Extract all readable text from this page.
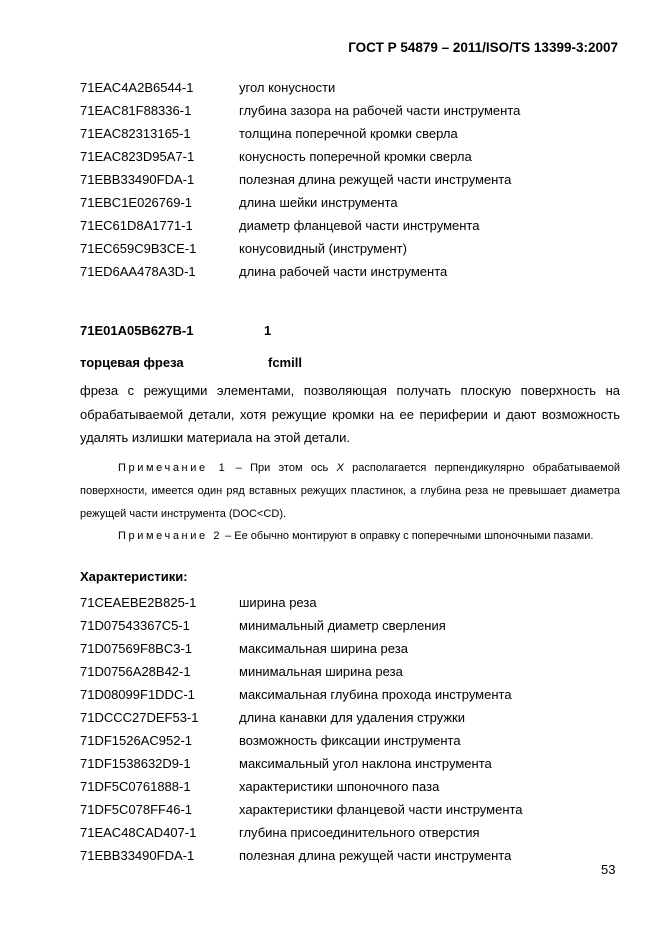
ГОСТ Р 54879 – 2011/ISO/TS 13399-3:2007
71EAC4A2B6544-1	угол конусности
71EAC81F88336-1	глубина зазора на рабочей части инструмента
71EAC82313165-1	толщина поперечной кромки сверла
71EAC823D95A7-1	конусность поперечной кромки сверла
71EBB33490FDA-1	полезная длина режущей части инструмента
71EBC1E026769-1	длина шейки инструмента
71EC61D8A1771-1	диаметр фланцевой части инструмента
71EC659C9B3CE-1	конусовидный (инструмент)
71ED6AA478A3D-1	длина рабочей части инструмента
71E01A05B627B-1	1
торцевая фреза	fcmill

фреза с режущими элементами, позволяющая получать плоскую поверхность на обрабатываемой детали, хотя режущие кромки на ее периферии и дают возможность удалять излишки материала на этой детали.

Примечание 1 – При этом ось X располагается перпендикулярно обрабатываемой поверхности, имеется один ряд вставных режущих пластинок, а глубина реза не превышает диаметра режущей части инструмента (DOC<CD).

Примечание 2 – Ее обычно монтируют в оправку с поперечными шпоночными пазами.

Характеристики:
71CEAEBE2B825-1	ширина реза
71D07543367C5-1	минимальный диаметр сверления
71D07569F8BC3-1	максимальная ширина реза
71D0756A28B42-1	минимальная ширина реза
71D08099F1DDC-1	максимальная глубина прохода инструмента
71DCCC27DEF53-1	длина канавки для удаления стружки
71DF1526AC952-1	возможность фиксации инструмента
71DF1538632D9-1	максимальный угол наклона инструмента
71DF5C0761888-1	характеристики шпоночного паза
71DF5C078FF46-1	характеристики фланцевой части инструмента
71EAC48CAD407-1	глубина присоединительного отверстия
71EBB33490FDA-1	полезная длина режущей части инструмента
53
